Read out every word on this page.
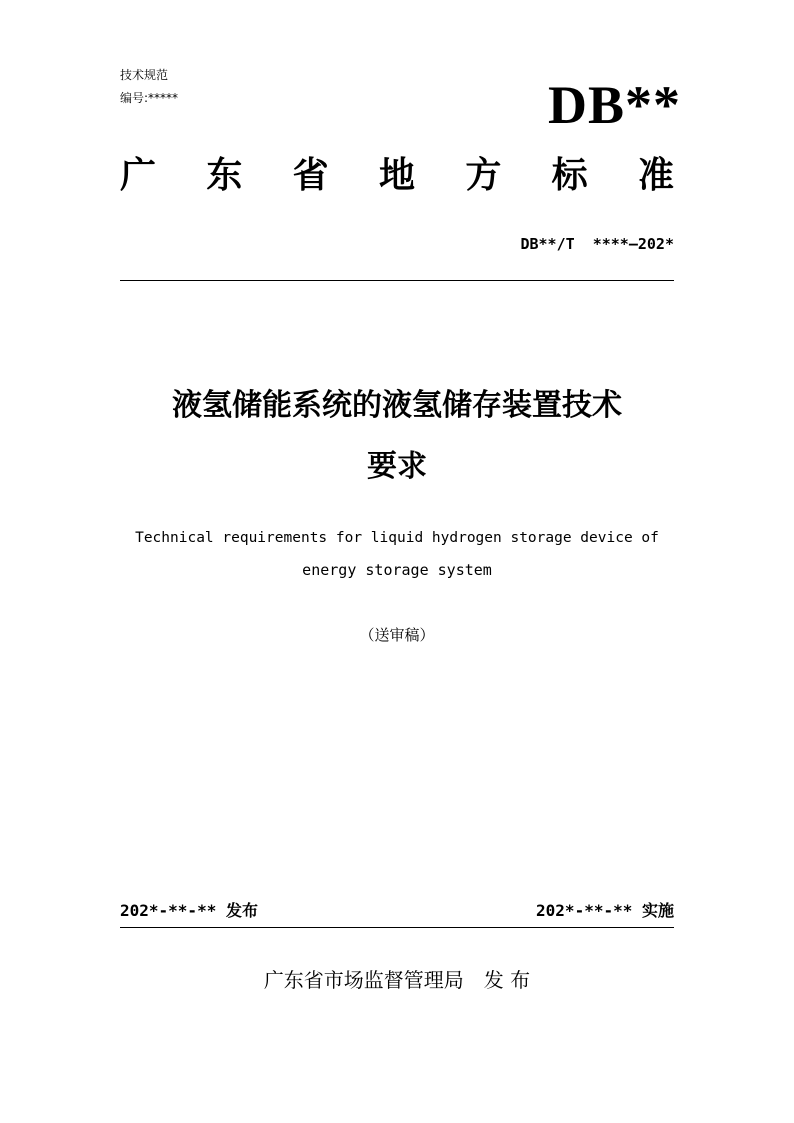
技术规范
编号:*****	DB**
广 东 省 地 方 标 准
DB**/T  ****—202*
液氢储能系统的液氢储存装置技术
要求
Technical requirements for liquid hydrogen storage device of
energy storage system
（送审稿）
202*-**-** 发布	202*-**-** 实施
广东省市场监督管理局　发 布
